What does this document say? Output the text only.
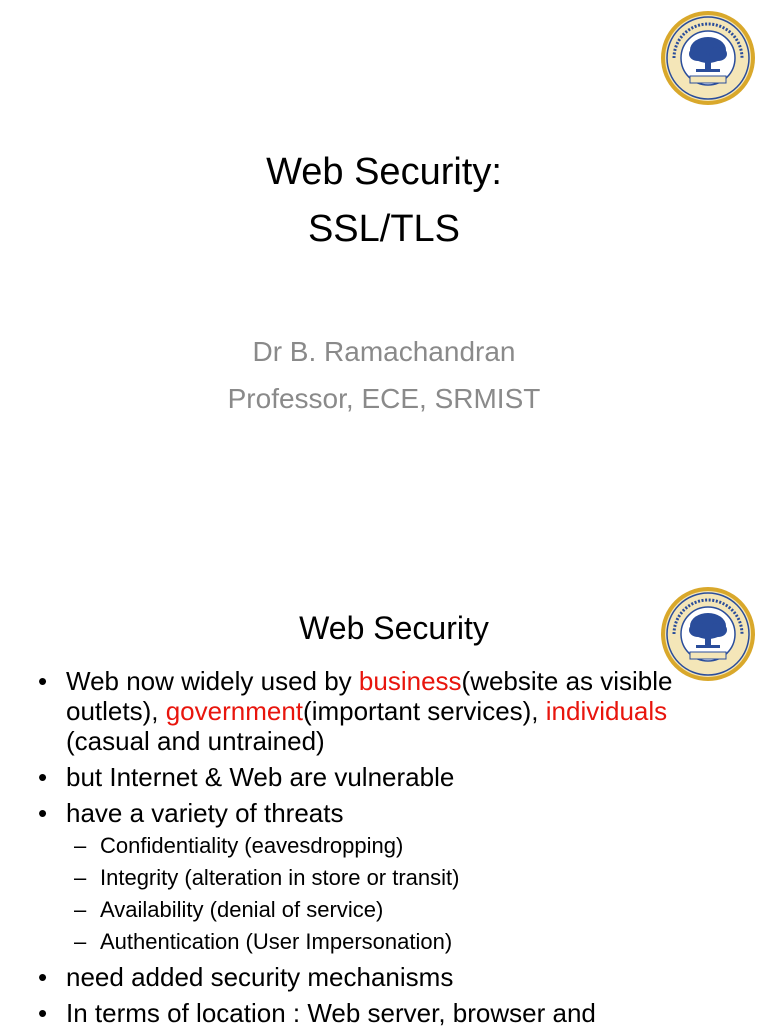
Web Security:
SSL/TLS
Dr B. Ramachandran
Professor, ECE, SRMIST
Web Security
• Web now widely used by business(website as visible outlets), government(important services), individuals (casual and untrained)
• but Internet & Web are vulnerable
• have a variety of threats
– Confidentiality (eavesdropping)
– Integrity (alteration in store or transit)
– Availability (denial of service)
– Authentication (User Impersonation)
• need added security mechanisms
• In terms of location : Web server, browser and
